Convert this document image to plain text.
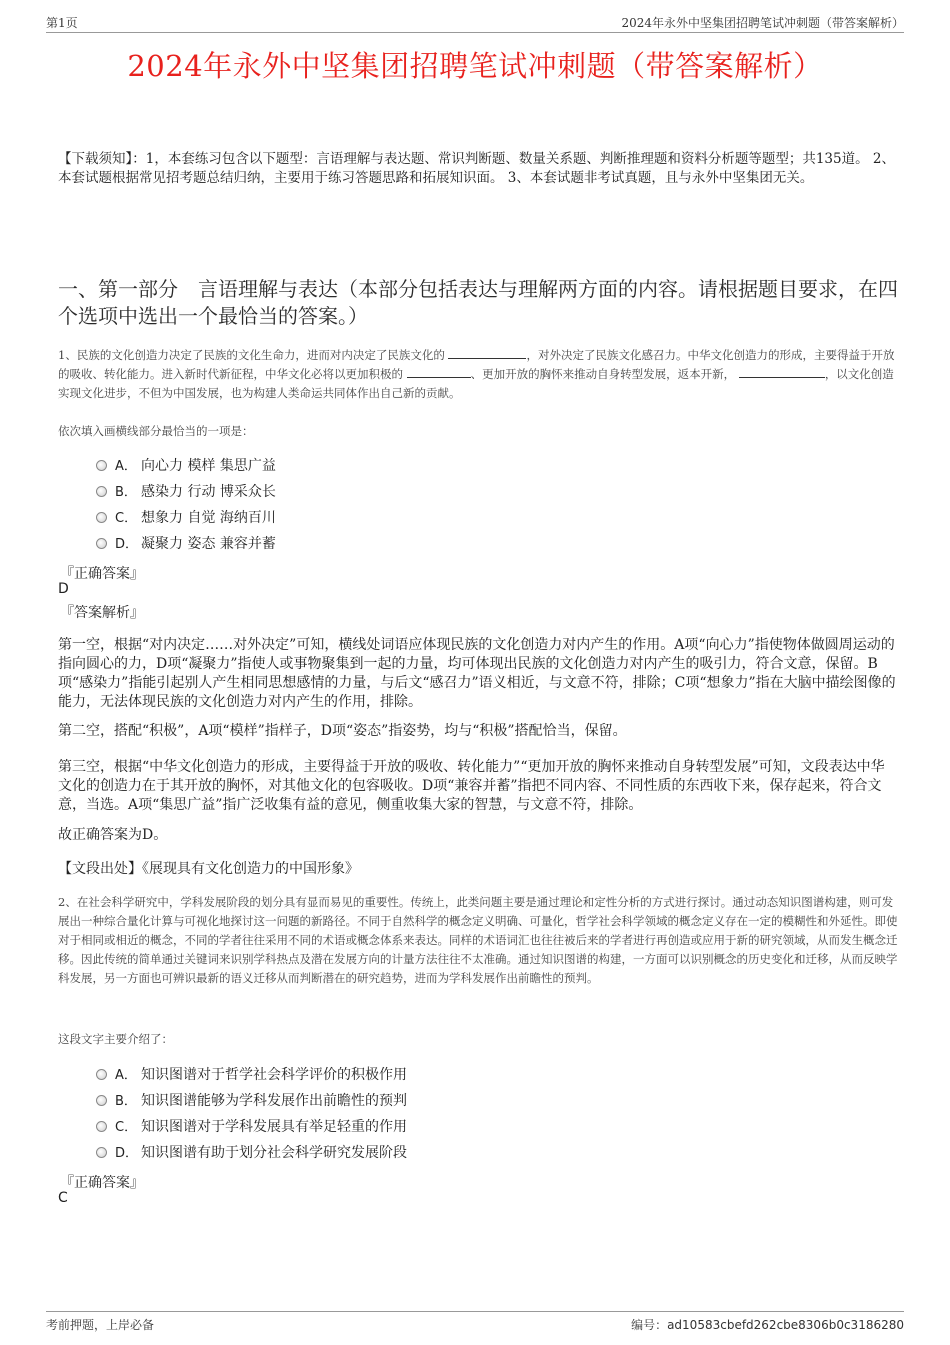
第1页	2024年永外中坚集团招聘笔试冲刺题（带答案解析）
2024年永外中坚集团招聘笔试冲刺题（带答案解析）
【下载须知】：1，本套练习包含以下题型：言语理解与表达题、常识判断题、数量关系题、判断推理题和资料分析题等题型；共135道。 2、本套试题根据常见招考题总结归纳，主要用于练习答题思路和拓展知识面。 3、本套试题非考试真题，且与永外中坚集团无关。
一、第一部分　言语理解与表达（本部分包括表达与理解两方面的内容。请根据题目要求，在四个选项中选出一个最恰当的答案。）
1、民族的文化创造力决定了民族的文化生命力，进而对内决定了民族文化的	，对外决定了民族文化感召力。中华文化创造力的形成，主要得益于开放的吸收、转化能力。进入新时代新征程，中华文化必将以更加积极的	、更加开放的胸怀来推动自身转型发展，返本开新，	，以文化创造实现文化进步，不但为中国发展，也为构建人类命运共同体作出自己新的贡献。
依次填入画横线部分最恰当的一项是：
A． 向心力 模样 集思广益
B． 感染力 行动 博采众长
C． 想象力 自觉 海纳百川
D． 凝聚力 姿态 兼容并蓄
『正确答案』
D
『答案解析』
第一空，根据“对内决定……对外决定”可知，横线处词语应体现民族的文化创造力对内产生的作用。A项“向心力”指使物体做圆周运动的指向圆心的力，D项“凝聚力”指使人或事物聚集到一起的力量，均可体现出民族的文化创造力对内产生的吸引力，符合文意，保留。B项“感染力”指能引起别人产生相同思想感情的力量，与后文“感召力”语义相近，与文意不符，排除；C项“想象力”指在大脑中描绘图像的能力，无法体现民族的文化创造力对内产生的作用，排除。
第二空，搭配“积极”，A项“模样”指样子，D项“姿态”指姿势，均与“积极”搭配恰当，保留。
第三空，根据“中华文化创造力的形成，主要得益于开放的吸收、转化能力”“更加开放的胸怀来推动自身转型发展”可知，文段表达中华文化的创造力在于其开放的胸怀，对其他文化的包容吸收。D项“兼容并蓄”指把不同内容、不同性质的东西收下来，保存起来，符合文意，当选。A项“集思广益”指广泛收集有益的意见，侧重收集大家的智慧，与文意不符，排除。
故正确答案为D。
【文段出处】《展现具有文化创造力的中国形象》
2、在社会科学研究中，学科发展阶段的划分具有显而易见的重要性。传统上，此类问题主要是通过理论和定性分析的方式进行探讨。通过动态知识图谱构建，则可发展出一种综合量化计算与可视化地探讨这一问题的新路径。不同于自然科学的概念定义明确、可量化，哲学社会科学领域的概念定义存在一定的模糊性和外延性。即使对于相同或相近的概念，不同的学者往往采用不同的术语或概念体系来表达。同样的术语词汇也往往被后来的学者进行再创造或应用于新的研究领域，从而发生概念迁移。因此传统的简单通过关键词来识别学科热点及潜在发展方向的计量方法往往不太准确。通过知识图谱的构建，一方面可以识别概念的历史变化和迁移，从而反映学科发展，另一方面也可辨识最新的语义迁移从而判断潜在的研究趋势，进而为学科发展作出前瞻性的预判。
这段文字主要介绍了：
A． 知识图谱对于哲学社会科学评价的积极作用
B． 知识图谱能够为学科发展作出前瞻性的预判
C． 知识图谱对于学科发展具有举足轻重的作用
D． 知识图谱有助于划分社会科学研究发展阶段
『正确答案』
C
考前押题，上岸必备	编号：ad10583cbefd262cbe8306b0c3186280
